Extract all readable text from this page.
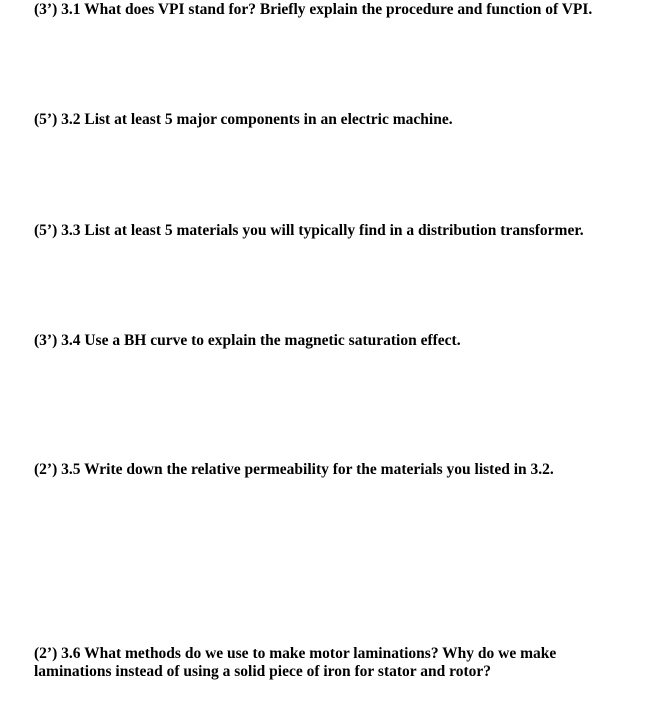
(3’) 3.1 What does VPI stand for? Briefly explain the procedure and function of VPI.

(5’) 3.2 List at least 5 major components in an electric machine.

(5’) 3.3 List at least 5 materials you will typically find in a distribution transformer.

(3’) 3.4 Use a BH curve to explain the magnetic saturation effect.

(2’) 3.5 Write down the relative permeability for the materials you listed in 3.2.

(2’) 3.6 What methods do we use to make motor laminations? Why do we make laminations instead of using a solid piece of iron for stator and rotor?
